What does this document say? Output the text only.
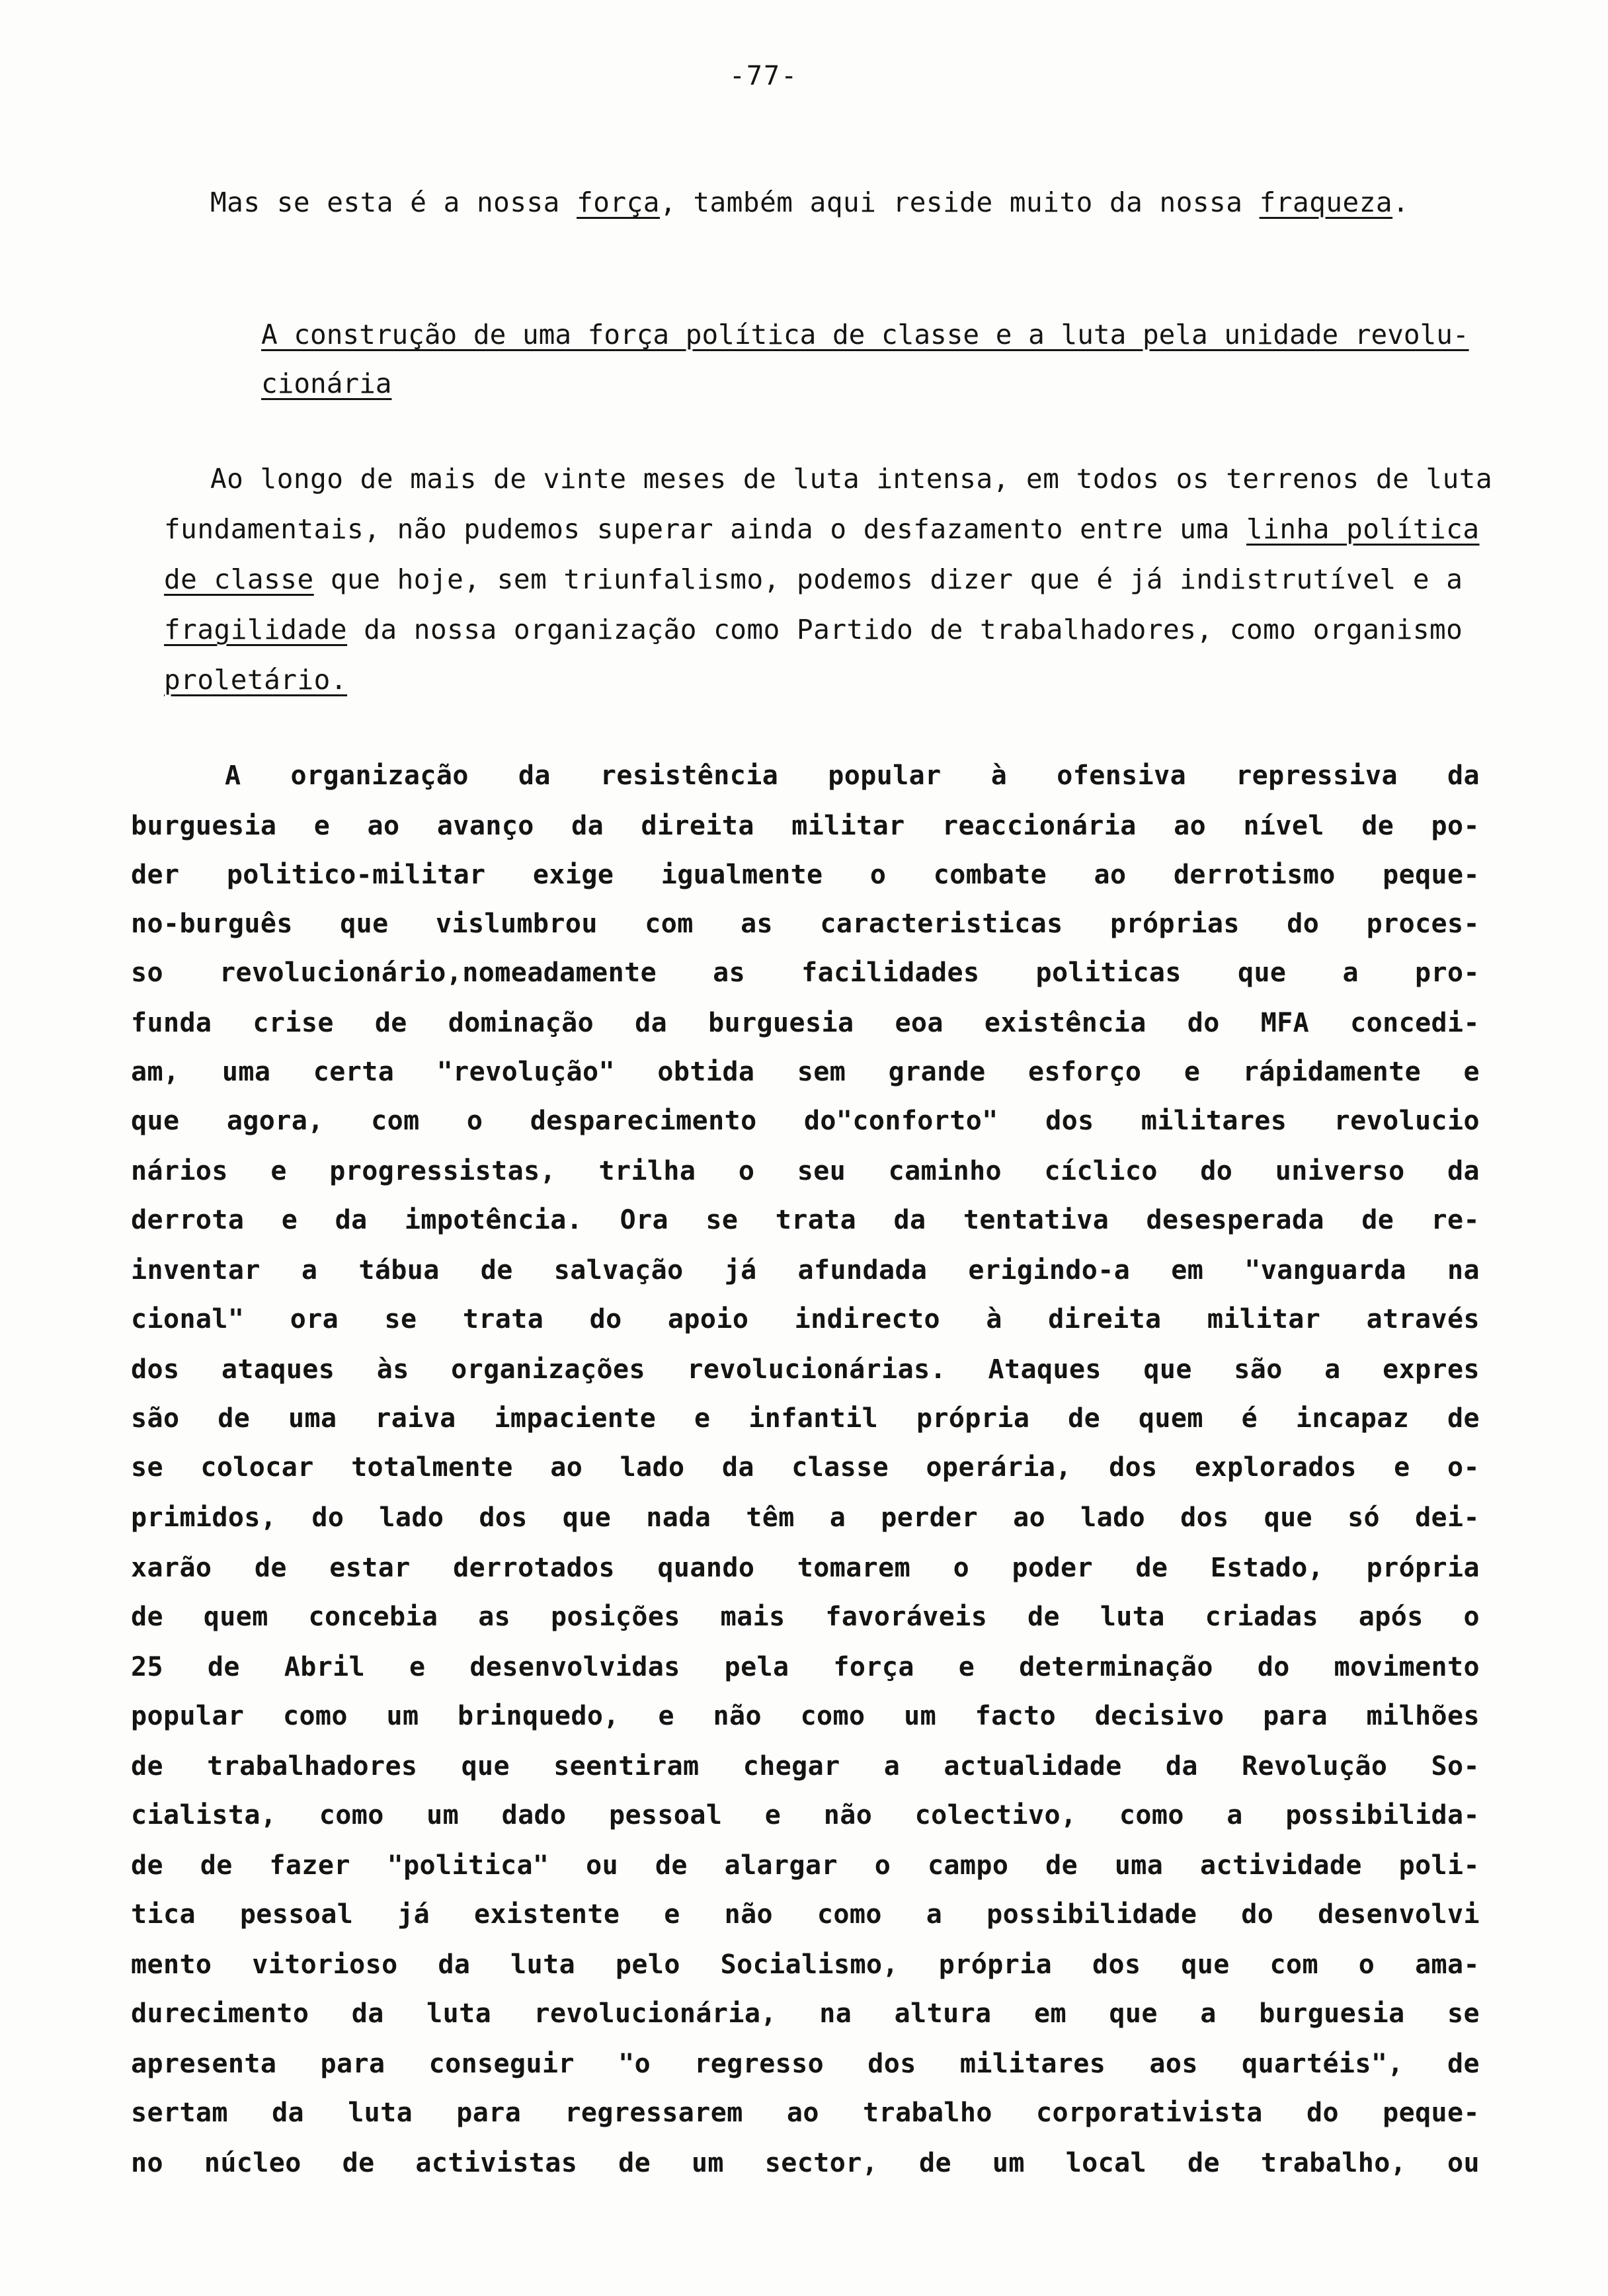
-77-

Mas se esta é a nossa força, também aqui reside muito da nossa fraqueza.

A construção de uma força política de classe e a luta pela unidade revolu-
cionária

Ao longo de mais de vinte meses de luta intensa, em todos os terrenos de luta

fundamentais, não pudemos superar ainda o desfazamento entre uma linha política

de classe que hoje, sem triunfalismo, podemos dizer que é já indistrutível e a

fragilidade da nossa organização como Partido de trabalhadores, como organismo

proletário.

A organização da resistência popular à ofensiva repressiva da

burguesia e ao avanço da direita militar reaccionária ao nível de po-

der politico-militar exige igualmente o combate ao derrotismo peque-

no-burguês que vislumbrou com as caracteristicas próprias do proces-

so revolucionário,nomeadamente as facilidades politicas que a pro-

funda crise de dominação da burguesia eoa existência do MFA concedi-

am, uma certa "revolução" obtida sem grande esforço e rápidamente e

que agora, com o desparecimento do"conforto" dos militares revolucio

nários e progressistas, trilha o seu caminho cíclico do universo da

derrota e da impotência. Ora se trata da tentativa desesperada de re-

inventar a tábua de salvação já afundada erigindo-a em "vanguarda na

cional" ora se trata do apoio indirecto à direita militar através

dos ataques às organizações revolucionárias. Ataques que são a expres

são de uma raiva impaciente e infantil própria de quem é incapaz de

se colocar totalmente ao lado da classe operária, dos explorados e o-

primidos, do lado dos que nada têm a perder ao lado dos que só dei-

xarão de estar derrotados quando tomarem o poder de Estado, própria

de quem concebia as posições mais favoráveis de luta criadas após o

25 de Abril e desenvolvidas pela força e determinação do movimento

popular como um brinquedo, e não como um facto decisivo para milhões

de trabalhadores que seentiram chegar a actualidade da Revolução So-

cialista, como um dado pessoal e não colectivo, como a possibilida-

de de fazer "politica" ou de alargar o campo de uma actividade poli-

tica pessoal já existente e não como a possibilidade do desenvolvi

mento vitorioso da luta pelo Socialismo, própria dos que com o ama-

durecimento da luta revolucionária, na altura em que a burguesia se

apresenta para conseguir "o regresso dos militares aos quartéis", de

sertam da luta para regressarem ao trabalho corporativista do peque-

no núcleo de activistas de um sector, de um local de trabalho, ou
